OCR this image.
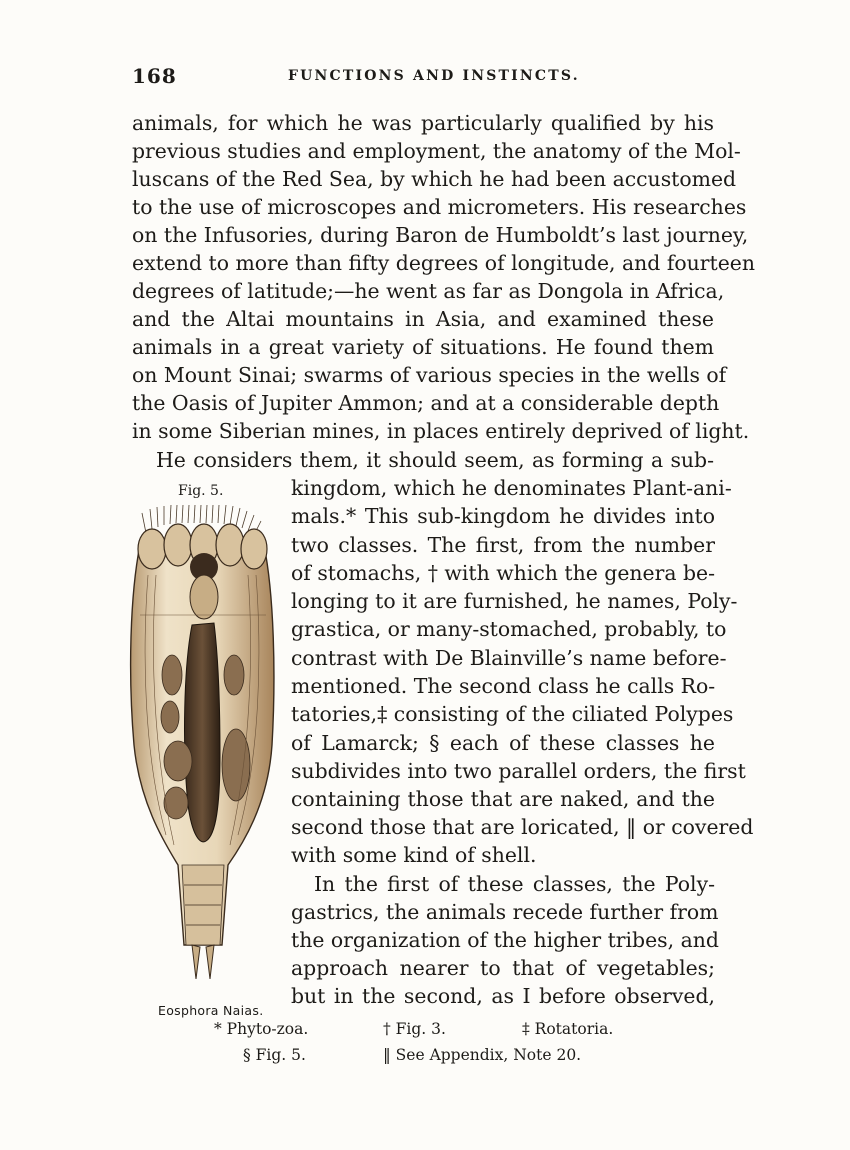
168	FUNCTIONS AND INSTINCTS.
animals, for which he was particularly qualified by his
previous studies and employment, the anatomy of the Mol-
luscans of the Red Sea, by which he had been accustomed
to the use of microscopes and micrometers. His researches
on the Infusories, during Baron de Humboldt’s last journey,
extend to more than fifty degrees of longitude, and fourteen
degrees of latitude;—he went as far as Dongola in Africa,
and the Altai mountains in Asia, and examined these
animals in a great variety of situations. He found them
on Mount Sinai; swarms of various species in the wells of
the Oasis of Jupiter Ammon; and at a considerable depth
in some Siberian mines, in places entirely deprived of light.
He considers them, it should seem, as forming a sub-
Fig. 5.
Eosphora Naias.
kingdom, which he denominates Plant-ani-
mals.* This sub-kingdom he divides into
two classes. The first, from the number
of stomachs, † with which the genera be-
longing to it are furnished, he names, Poly-
grastica, or many-stomached, probably, to
contrast with De Blainville’s name before-
mentioned. The second class he calls Ro-
tatories,‡ consisting of the ciliated Polypes
of Lamarck; § each of these classes he
subdivides into two parallel orders, the first
containing those that are naked, and the
second those that are loricated, ‖ or covered
with some kind of shell.
In the first of these classes, the Poly-
gastrics, the animals recede further from
the organization of the higher tribes, and
approach nearer to that of vegetables;
but in the second, as I before observed,
* Phyto-zoa.	† Fig. 3.	‡ Rotatoria.
§ Fig. 5.	‖ See Appendix, Note 20.
